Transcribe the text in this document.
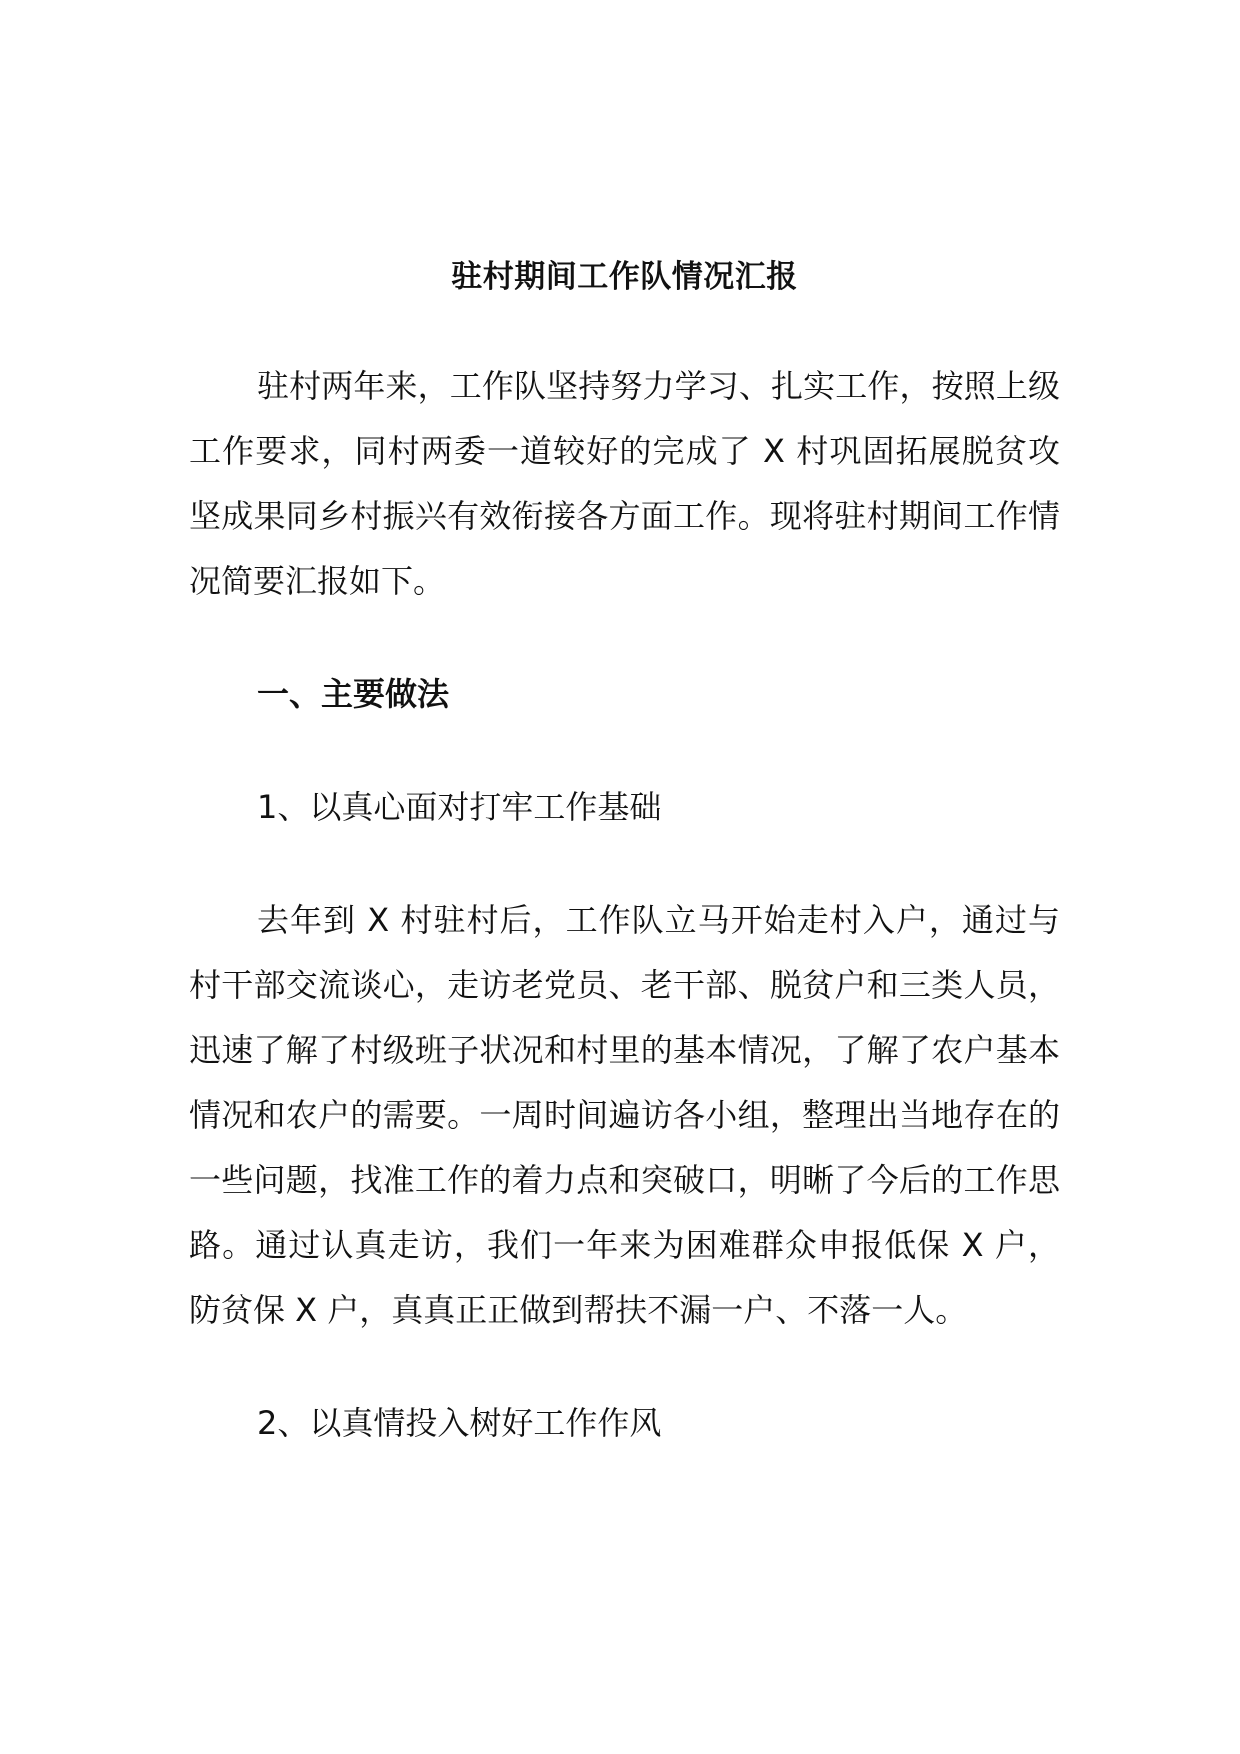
驻村期间工作队情况汇报

驻村两年来，工作队坚持努力学习、扎实工作，按照上级工作要求，同村两委一道较好的完成了 X 村巩固拓展脱贫攻坚成果同乡村振兴有效衔接各方面工作。现将驻村期间工作情况简要汇报如下。

一、主要做法
1、以真心面对打牢工作基础

去年到 X 村驻村后，工作队立马开始走村入户，通过与村干部交流谈心，走访老党员、老干部、脱贫户和三类人员，迅速了解了村级班子状况和村里的基本情况，了解了农户基本情况和农户的需要。一周时间遍访各小组，整理出当地存在的一些问题，找准工作的着力点和突破口，明晰了今后的工作思路。通过认真走访，我们一年来为困难群众申报低保 X 户，防贫保 X 户，真真正正做到帮扶不漏一户、不落一人。

2、以真情投入树好工作作风
